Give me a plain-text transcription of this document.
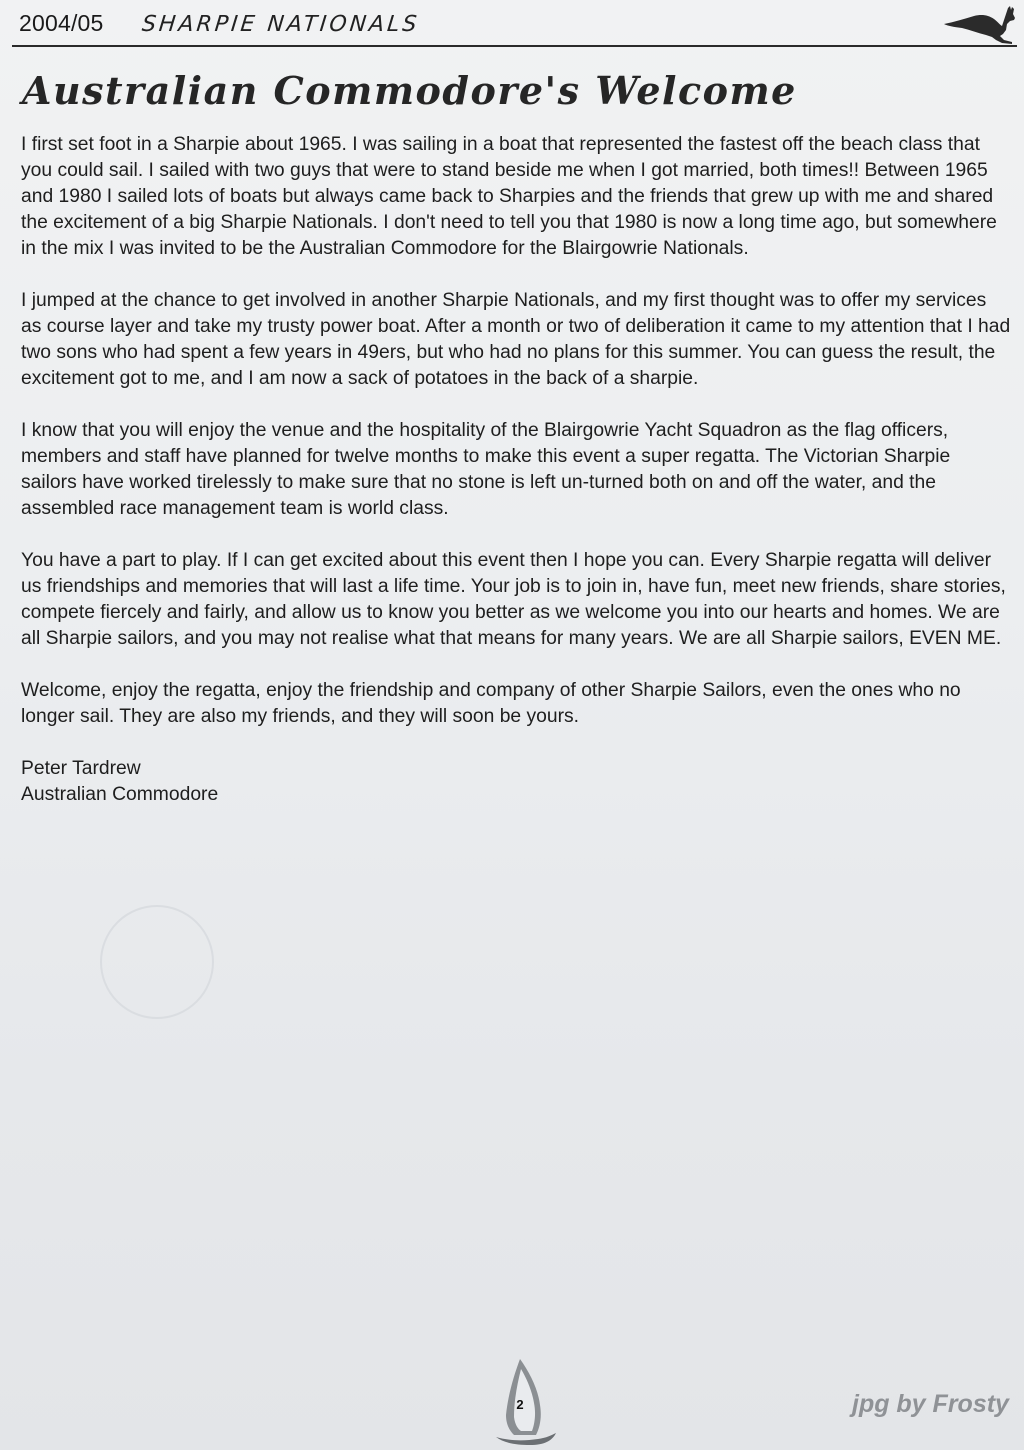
2004/05 SHARPIE NATIONALS
Australian Commodore's Welcome

I first set foot in a Sharpie about 1965. I was sailing in a boat that represented the fastest off the beach class that you could sail. I sailed with two guys that were to stand beside me when I got married, both times!! Between 1965 and 1980 I sailed lots of boats but always came back to Sharpies and the friends that grew up with me and shared the excitement of a big Sharpie Nationals. I don't need to tell you that 1980 is now a long time ago, but somewhere in the mix I was invited to be the Australian Commodore for the Blairgowrie Nationals.

I jumped at the chance to get involved in another Sharpie Nationals, and my first thought was to offer my services as course layer and take my trusty power boat. After a month or two of deliberation it came to my attention that I had two sons who had spent a few years in 49ers, but who had no plans for this summer. You can guess the result, the excitement got to me, and I am now a sack of potatoes in the back of a sharpie.

I know that you will enjoy the venue and the hospitality of the Blairgowrie Yacht Squadron as the flag officers, members and staff have planned for twelve months to make this event a super regatta. The Victorian Sharpie sailors have worked tirelessly to make sure that no stone is left un-turned both on and off the water, and the assembled race management team is world class.

You have a part to play. If I can get excited about this event then I hope you can. Every Sharpie regatta will deliver us friendships and memories that will last a life time. Your job is to join in, have fun, meet new friends, share stories, compete fiercely and fairly, and allow us to know you better as we welcome you into our hearts and homes. We are all Sharpie sailors, and you may not realise what that means for many years. We are all Sharpie sailors, EVEN ME.

Welcome, enjoy the regatta, enjoy the friendship and company of other Sharpie Sailors, even the ones who no longer sail. They are also my friends, and they will soon be yours.

Peter Tardrew
Australian Commodore
2	jpg by Frosty
